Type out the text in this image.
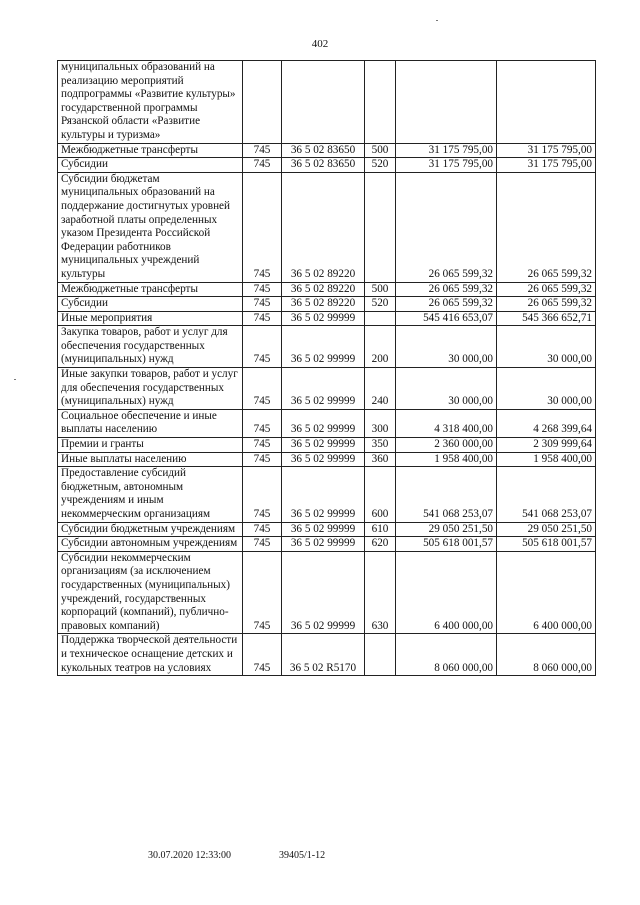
402
муниципальных образований на реализацию мероприятий подпрограммы «Развитие культуры» государственной программы Рязанской области «Развитие культуры и туризма»					
Межбюджетные трансферты	745	36 5 02 83650	500	31 175 795,00	31 175 795,00
Субсидии	745	36 5 02 83650	520	31 175 795,00	31 175 795,00
Субсидии бюджетам муниципальных образований на поддержание достигнутых уровней заработной платы определенных указом Президента Российской Федерации работников муниципальных учреждений культуры	745	36 5 02 89220		26 065 599,32	26 065 599,32
Межбюджетные трансферты	745	36 5 02 89220	500	26 065 599,32	26 065 599,32
Субсидии	745	36 5 02 89220	520	26 065 599,32	26 065 599,32
Иные мероприятия	745	36 5 02 99999		545 416 653,07	545 366 652,71
Закупка товаров, работ и услуг для обеспечения государственных (муниципальных) нужд	745	36 5 02 99999	200	30 000,00	30 000,00
Иные закупки товаров, работ и услуг для обеспечения государственных (муниципальных) нужд	745	36 5 02 99999	240	30 000,00	30 000,00
Социальное обеспечение и иные выплаты населению	745	36 5 02 99999	300	4 318 400,00	4 268 399,64
Премии и гранты	745	36 5 02 99999	350	2 360 000,00	2 309 999,64
Иные выплаты населению	745	36 5 02 99999	360	1 958 400,00	1 958 400,00
Предоставление субсидий бюджетным, автономным учреждениям и иным некоммерческим организациям	745	36 5 02 99999	600	541 068 253,07	541 068 253,07
Субсидии бюджетным учреждениям	745	36 5 02 99999	610	29 050 251,50	29 050 251,50
Субсидии автономным учреждениям	745	36 5 02 99999	620	505 618 001,57	505 618 001,57
Субсидии некоммерческим организациям (за исключением государственных (муниципальных) учреждений, государственных корпораций (компаний), публично-правовых компаний)	745	36 5 02 99999	630	6 400 000,00	6 400 000,00
Поддержка творческой деятельности и техническое оснащение детских и кукольных театров на условиях	745	36 5 02 R5170		8 060 000,00	8 060 000,00
30.07.2020 12:33:00	39405/1-12
